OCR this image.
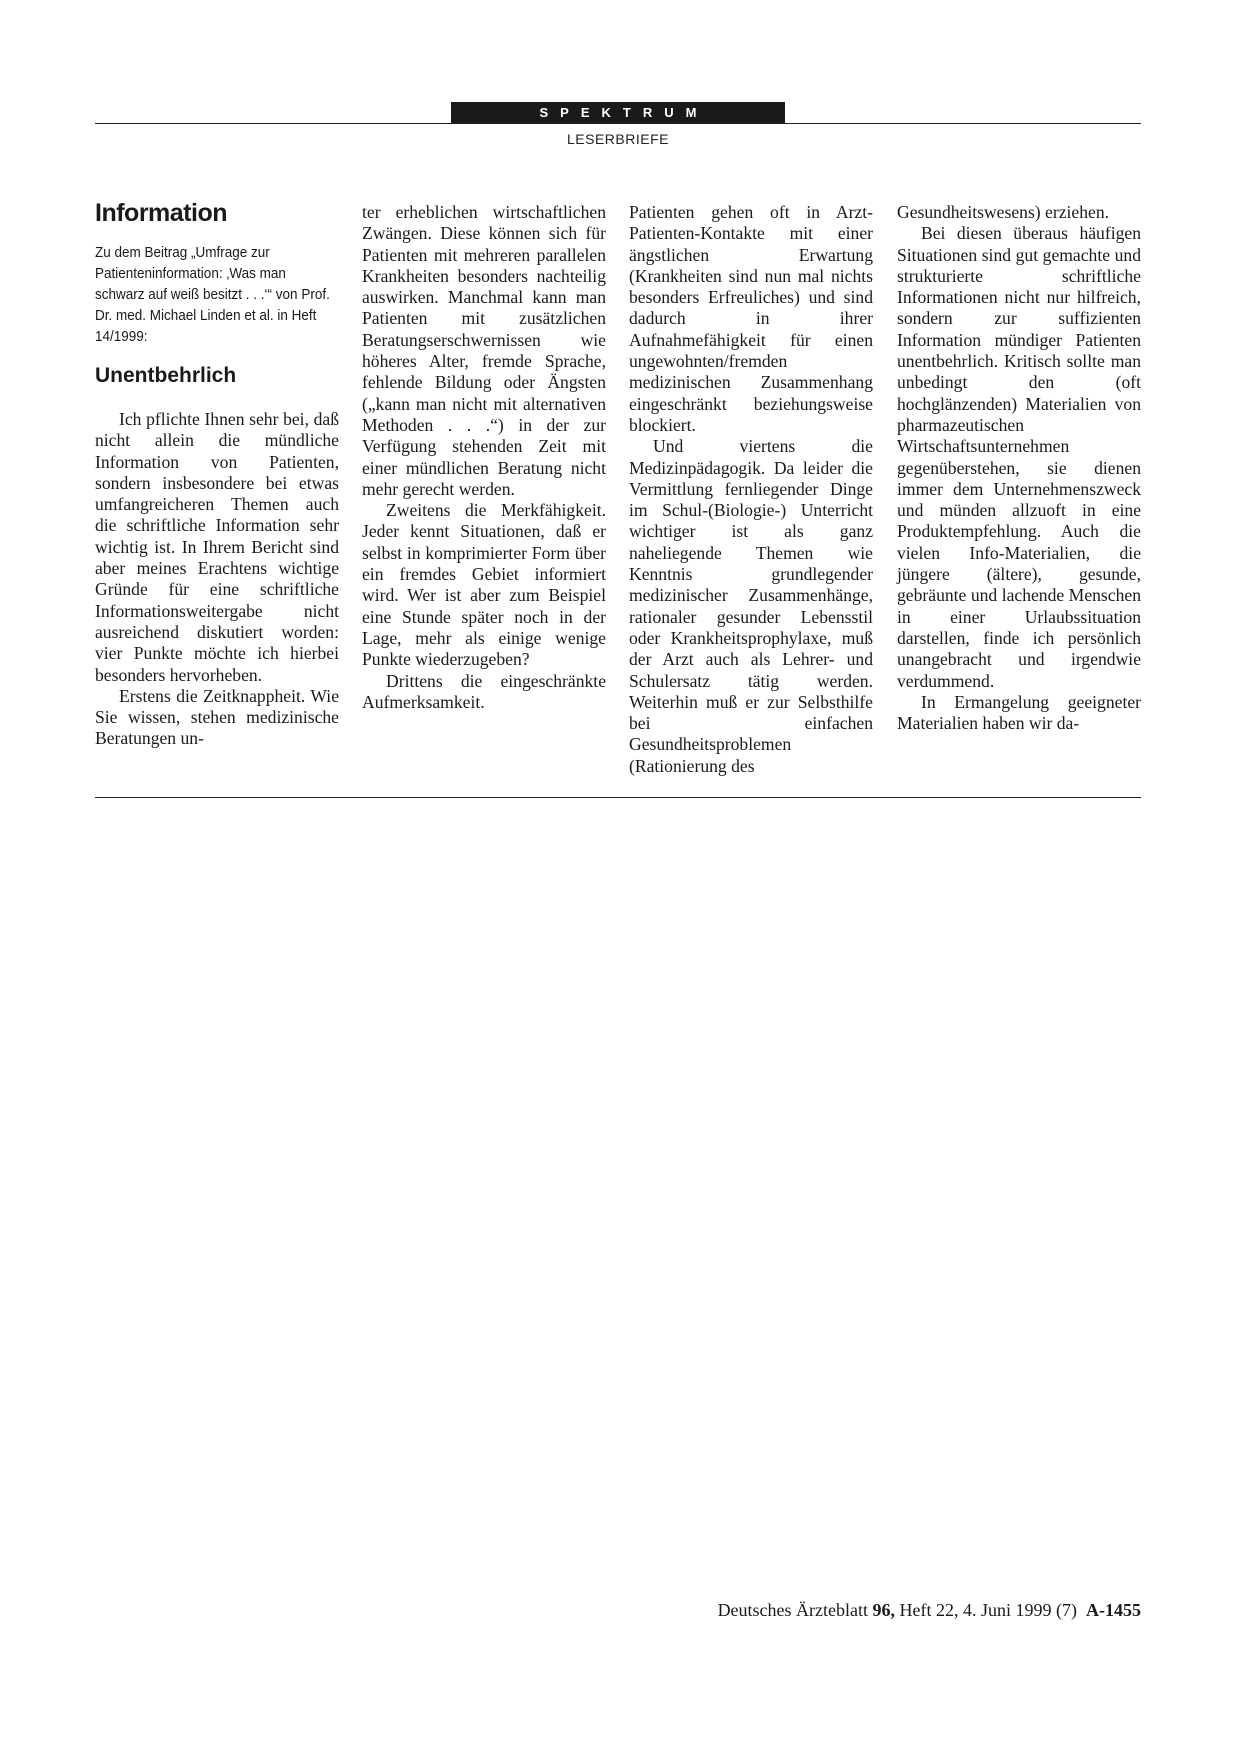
SPEKTRUM
LESERBRIEFE
Information
Zu dem Beitrag „Umfrage zur Patienteninformation: ‚Was man schwarz auf weiß besitzt . . .‘“ von Prof. Dr. med. Michael Linden et al. in Heft 14/1999:
Unentbehrlich

Ich pflichte Ihnen sehr bei, daß nicht allein die mündliche Information von Patienten, sondern insbesondere bei etwas umfangreicheren Themen auch die schriftliche Information sehr wichtig ist. In Ihrem Bericht sind aber meines Erachtens wichtige Gründe für eine schriftliche Informationsweitergabe nicht ausreichend diskutiert worden: vier Punkte möchte ich hierbei besonders hervorheben.

Erstens die Zeitknappheit. Wie Sie wissen, stehen medizinische Beratungen un-

ter erheblichen wirtschaftlichen Zwängen. Diese können sich für Patienten mit mehreren parallelen Krankheiten besonders nachteilig auswirken. Manchmal kann man Patienten mit zusätzlichen Beratungserschwernissen wie höheres Alter, fremde Sprache, fehlende Bildung oder Ängsten („kann man nicht mit alternativen Methoden . . .“) in der zur Verfügung stehenden Zeit mit einer mündlichen Beratung nicht mehr gerecht werden.

Zweitens die Merkfähigkeit. Jeder kennt Situationen, daß er selbst in komprimierter Form über ein fremdes Gebiet informiert wird. Wer ist aber zum Beispiel eine Stunde später noch in der Lage, mehr als einige wenige Punkte wiederzugeben?

Drittens die eingeschränkte Aufmerksamkeit.

Patienten gehen oft in Arzt-Patienten-Kontakte mit einer ängstlichen Erwartung (Krankheiten sind nun mal nichts besonders Erfreuliches) und sind dadurch in ihrer Aufnahmefähigkeit für einen ungewohnten/fremden medizinischen Zusammenhang eingeschränkt beziehungsweise blockiert.

Und viertens die Medizinpädagogik. Da leider die Vermittlung fernliegender Dinge im Schul-(Biologie-) Unterricht wichtiger ist als ganz naheliegende Themen wie Kenntnis grundlegender medizinischer Zusammenhänge, rationaler gesunder Lebensstil oder Krankheitsprophylaxe, muß der Arzt auch als Lehrer- und Schulersatz tätig werden. Weiterhin muß er zur Selbsthilfe bei einfachen Gesundheitsproblemen (Rationierung des

Gesundheitswesens) erziehen.

Bei diesen überaus häufigen Situationen sind gut gemachte und strukturierte schriftliche Informationen nicht nur hilfreich, sondern zur suffizienten Information mündiger Patienten unentbehrlich. Kritisch sollte man unbedingt den (oft hochglänzenden) Materialien von pharmazeutischen Wirtschaftsunternehmen gegenüberstehen, sie dienen immer dem Unternehmenszweck und münden allzuoft in eine Produktempfehlung. Auch die vielen Info-Materialien, die jüngere (ältere), gesunde, gebräunte und lachende Menschen in einer Urlaubssituation darstellen, finde ich persönlich unangebracht und irgendwie verdummend.

In Ermangelung geeigneter Materialien haben wir da-

Deutsches Ärzteblatt 96, Heft 22, 4. Juni 1999 (7) A-1455
